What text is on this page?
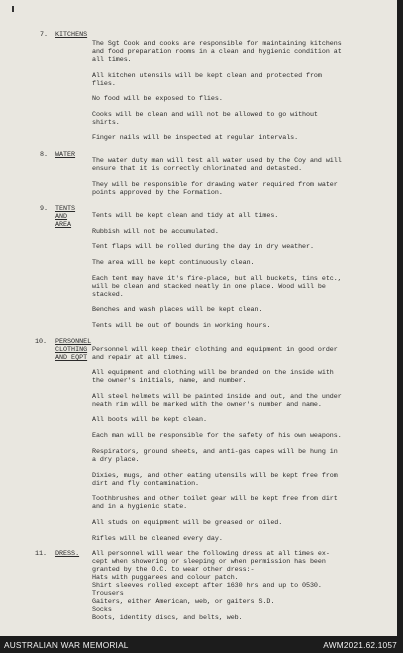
7. KITCHENS
The Sgt Cook and cooks are responsible for maintaining kitchens
and food preparation rooms in a clean and hygienic condition at
all times.
All kitchen utensils will be kept clean and protected from
flies.
No food will be exposed to flies.
Cooks will be clean and will not be allowed to go without
shirts.
Finger nails will be inspected at regular intervals.
8. WATER
The water duty man will test all water used by the Coy and will
ensure that it is correctly chlorinated and detasted.
They will be responsible for drawing water required from water
points approved by the Formation.
9. TENTS
AND
AREA
Tents will be kept clean and tidy at all times.
Rubbish will not be accumulated.
Tent flaps will be rolled during the day in dry weather.
The area will be kept continuously clean.
Each tent may have it's fire-place, but all buckets, tins etc.,
will be clean and stacked neatly in one place. Wood will be
stacked.
Benches and wash places will be kept clean.
Tents will be out of bounds in working hours.
10. PERSONNEL
CLOTHING
AND EQPT
Personnel will keep their clothing and equipment in good order
and repair at all times.
All equipment and clothing will be branded on the inside with
the owner's initials, name, and number.
All steel helmets will be painted inside and out, and the under
neath rim will be marked with the owner's number and name.
All boots will be kept clean.
Each man will be responsible for the safety of his own weapons.
Respirators, ground sheets, and anti-gas capes will be hung in
a dry place.
Dixies, mugs, and other eating utensils will be kept free from
dirt and fly contamination.
Toothbrushes and other toilet gear will be kept free from dirt
and in a hygienic state.
All studs on equipment will be greased or oiled.
Rifles will be cleaned every day.
11. DRESS. All personnel will wear the following dress at all times ex-
cept when showering or sleeping or when permission has been
granted by the O.C. to wear other dress:-
Hats with puggarees and colour patch.
Shirt sleeves rolled except after 1630 hrs and up to 0530.
Trousers
Gaiters, either American, web, or gaiters S.D.
Socks
Boots, identity discs, and belts, web.
AUSTRALIAN WAR MEMORIAL	AWM2021.62.1057
